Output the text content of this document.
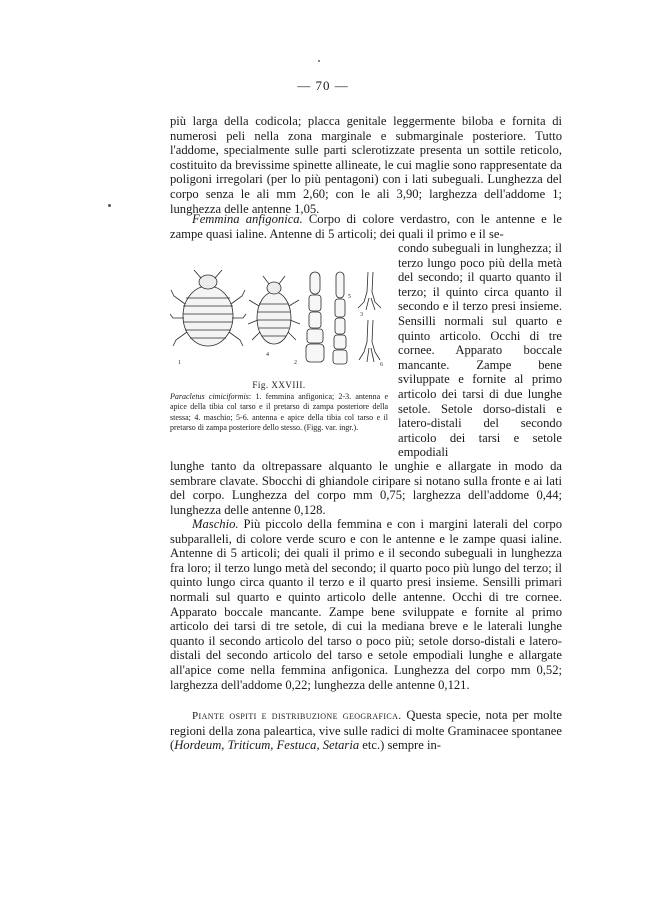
— 70 —

più larga della codicola; placca genitale leggermente biloba e fornita di numerosi peli nella zona marginale e submarginale posteriore. Tutto l'addome, specialmente sulle parti sclerotizzate presenta un sottile reticolo, costituito da brevissime spinette allineate, le cui maglie sono rappresentate da poligoni irregolari (per lo più pentagoni) con i lati subeguali. Lunghezza del corpo senza le ali mm 2,60; con le ali 3,90; larghezza dell'addome 1; lunghezza delle antenne 1,05.

Femmina anfigonica. Corpo di colore verdastro, con le antenne e le zampe quasi ialine. Antenne di 5 articoli; dei quali il primo e il se-

1	2
3
4
5
6
Fig. XXVIII.
Paracletus cimiciformis: 1. femmina anfigonica; 2-3. antenna e apice della tibia col tarso e il pretarso di zampa posteriore della stessa; 4. maschio; 5-6. antenna e apice della tibia col tarso e il pretarso di zampa posteriore dello stesso. (Figg. var. ingr.).

condo subeguali in lunghezza; il terzo lungo poco più della metà del secondo; il quarto quanto il terzo; il quinto circa quanto il secondo e il terzo presi insieme. Sensilli normali sul quarto e quinto articolo. Occhi di tre cornee. Apparato boccale mancante. Zampe bene sviluppate e fornite al primo articolo dei tarsi di due lunghe setole. Setole dorso-distali e latero-distali del secondo articolo dei tarsi e setole empodiali

lunghe tanto da oltrepassare alquanto le unghie e allargate in modo da sembrare clavate. Sbocchi di ghiandole ciripare si notano sulla fronte e ai lati del corpo. Lunghezza del corpo mm 0,75; larghezza dell'addome 0,44; lunghezza delle antenne 0,128.

Maschio. Più piccolo della femmina e con i margini laterali del corpo subparalleli, di colore verde scuro e con le antenne e le zampe quasi ialine. Antenne di 5 articoli; dei quali il primo e il secondo subeguali in lunghezza fra loro; il terzo lungo metà del secondo; il quarto poco più lungo del terzo; il quinto lungo circa quanto il terzo e il quarto presi insieme. Sensilli primari normali sul quarto e quinto articolo delle antenne. Occhi di tre cornee. Apparato boccale mancante. Zampe bene sviluppate e fornite al primo articolo dei tarsi di tre setole, di cui la mediana breve e le laterali lunghe quanto il secondo articolo del tarso o poco più; setole dorso-distali e latero-distali del secondo articolo del tarso e setole empodiali lunghe e allargate all'apice come nella femmina anfigonica. Lunghezza del corpo mm 0,52; larghezza dell'addome 0,22; lunghezza delle antenne 0,121.

Piante ospiti e distribuzione geografica. Questa specie, nota per molte regioni della zona paleartica, vive sulle radici di molte Graminacee spontanee (Hordeum, Triticum, Festuca, Setaria etc.) sempre in-
